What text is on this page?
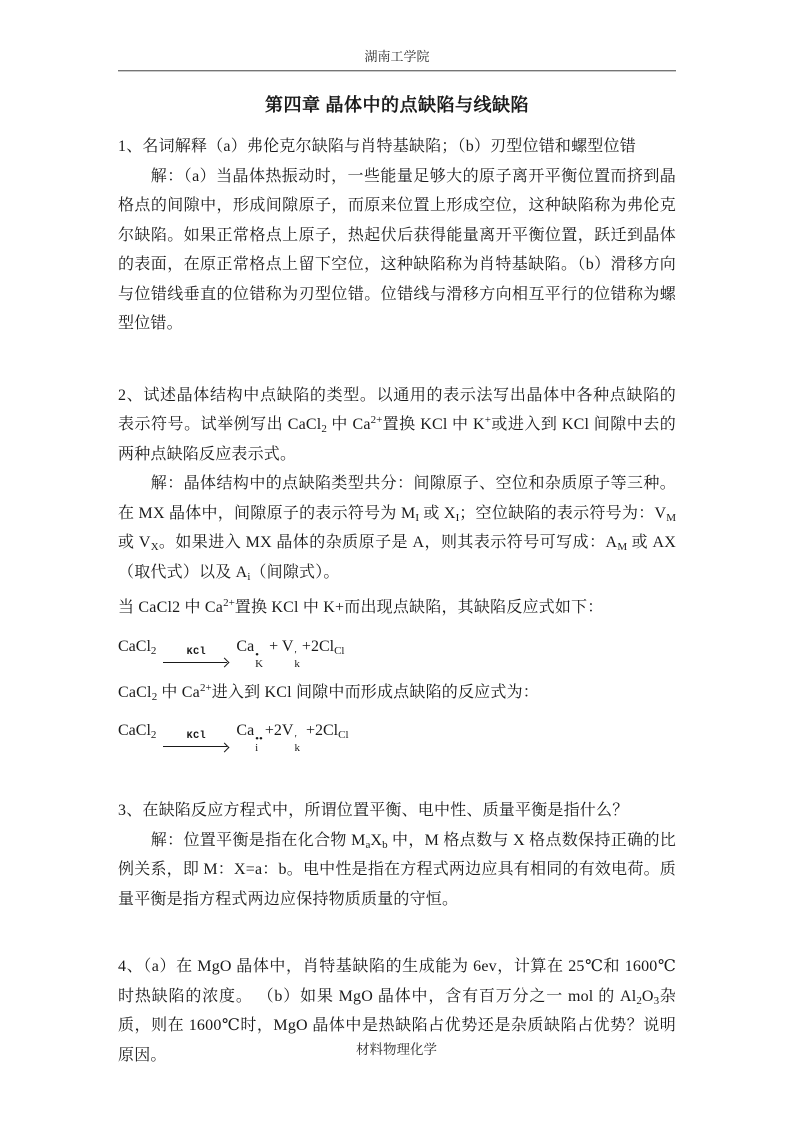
湖南工学院
第四章 晶体中的点缺陷与线缺陷

1、名词解释（a）弗伦克尔缺陷与肖特基缺陷；（b）刃型位错和螺型位错

解：（a）当晶体热振动时，一些能量足够大的原子离开平衡位置而挤到晶格点的间隙中，形成间隙原子，而原来位置上形成空位，这种缺陷称为弗伦克尔缺陷。如果正常格点上原子，热起伏后获得能量离开平衡位置，跃迁到晶体的表面，在原正常格点上留下空位，这种缺陷称为肖特基缺陷。（b）滑移方向与位错线垂直的位错称为刃型位错。位错线与滑移方向相互平行的位错称为螺型位错。

2、试述晶体结构中点缺陷的类型。以通用的表示法写出晶体中各种点缺陷的表示符号。试举例写出 CaCl$_2$ 中 $Ca^{2+}$置换 KCl 中 K+或进入到 KCl 间隙中去的两种点缺陷反应表示式。

解：晶体结构中的点缺陷类型共分：间隙原子、空位和杂质原子等三种。在 MX 晶体中，间隙原子的表示符号为 $M_I$ 或 $X_I$；空位缺陷的表示符号为：$V_M$ 或 $V_X$。如果进入 MX 晶体的杂质原子是 A，则其表示符号可写成：$A_M$ 或 AX（取代式）以及 $A_i$（间隙式）。

当 CaCl2 中 $Ca^{2+}$置换 KCl 中 K+而出现点缺陷，其缺陷反应式如下：

CaCl$_2$	KCl Ca •
K
+ V ′
k
$+2Cl_{Cl}$

CaCl$_2$ 中 $Ca^{2+}$进入到 KCl 间隙中而形成点缺陷的反应式为：

CaCl$_2$	KCl Ca ••
i
+2V ′
k
$+2Cl_{Cl}$

3、在缺陷反应方程式中，所谓位置平衡、电中性、质量平衡是指什么？

解：位置平衡是指在化合物 $M_aX_b$ 中，M 格点数与 X 格点数保持正确的比例关系，即 M：X=a：b。电中性是指在方程式两边应具有相同的有效电荷。质量平衡是指方程式两边应保持物质质量的守恒。

4、（a）在 MgO 晶体中，肖特基缺陷的生成能为 6ev，计算在 25℃和 1600℃时热缺陷的浓度。 （b）如果 MgO 晶体中，含有百万分之一 mol 的 $Al_2O_3$杂质，则在 1600℃时，MgO 晶体中是热缺陷占优势还是杂质缺陷占优势？说明原因。	材料物理化学
